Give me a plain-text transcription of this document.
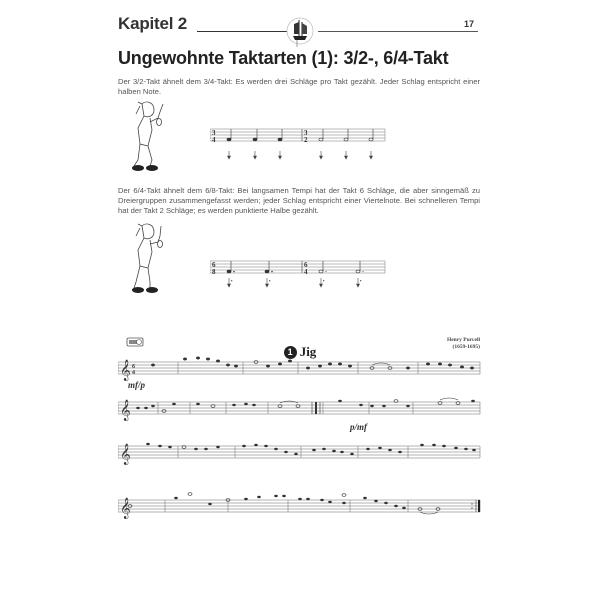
Kapitel 2	17
Ungewohnte Taktarten (1): 3/2-, 6/4-Takt
Der 3/2-Takt ähnelt dem 3/4-Takt: Es werden drei Schläge pro Takt gezählt. Jeder Schlag entspricht einer halben Note.
3
4
3
2
Der 6/4-Takt ähnelt dem 6/8-Takt: Bei langsamen Tempi hat der Takt 6 Schläge, die aber sinngemäß zu Dreiergruppen zusammengefasst werden; jeder Schlag entspricht einer Viertelnote. Bei schnelleren Tempi hat der Takt 2 Schläge; es werden punktierte Halbe gezählt.
6
8
6
4
.	.	.	.
1 Jig
Henry Purcell
(1659-1695)
𝄞 6
4
mf/p
𝄞
p/mf
𝄞
𝄞
